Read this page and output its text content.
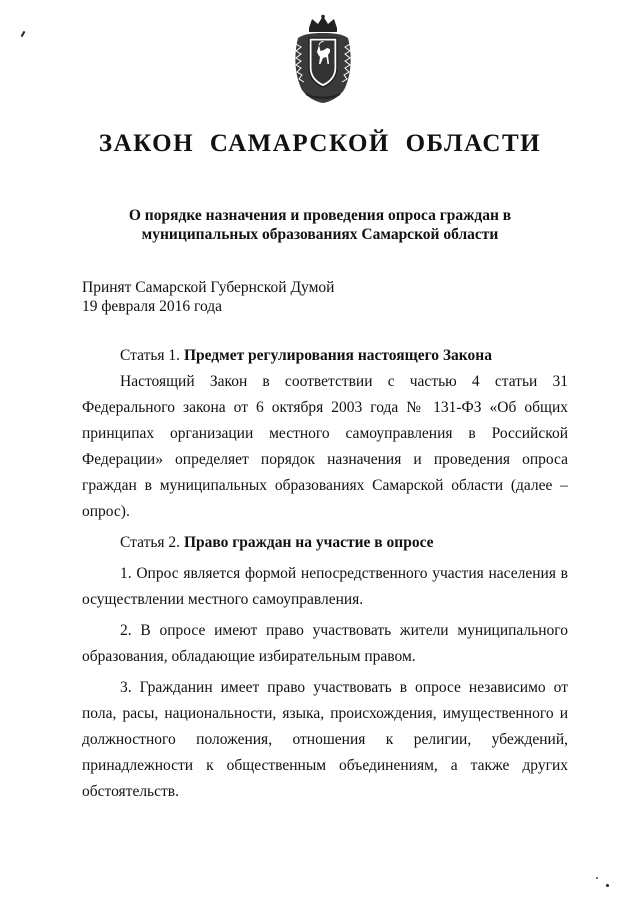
ЗАКОН САМАРСКОЙ ОБЛАСТИ
О порядке назначения и проведения опроса граждан в
муниципальных образованиях Самарской области
Принят Самарской Губернской Думой
19 февраля 2016 года

Статья 1. Предмет регулирования настоящего Закона

Настоящий Закон в соответствии с частью 4 статьи 31 Федерального закона от 6 октября 2003 года № 131-ФЗ «Об общих принципах организации местного самоуправления в Российской Федерации» определяет порядок назначения и проведения опроса граждан в муниципальных образованиях Самарской области (далее – опрос).

Статья 2. Право граждан на участие в опросе

1. Опрос является формой непосредственного участия населения в осуществлении местного самоуправления.

2. В опросе имеют право участвовать жители муниципального образования, обладающие избирательным правом.

3. Гражданин имеет право участвовать в опросе независимо от пола, расы, национальности, языка, происхождения, имущественного и должностного положения, отношения к религии, убеждений, принадлежности к общественным объединениям, а также других обстоятельств.
